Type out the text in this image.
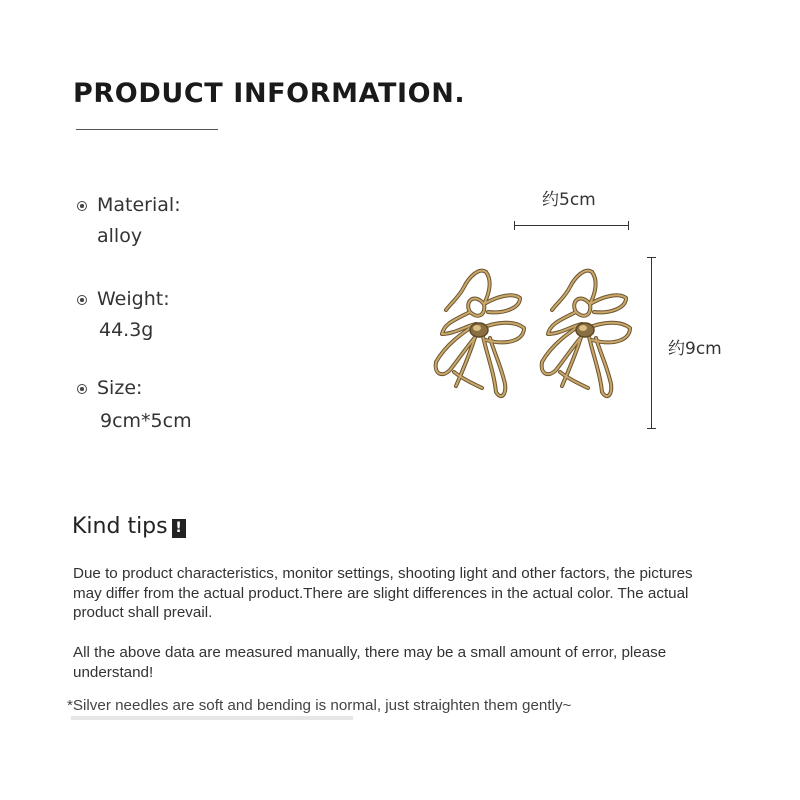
PRODUCT INFORMATION.
Material:
alloy
Weight:
44.3g
Size:
9cm*5cm
约5cm
约9cm
Kind tips !
Due to product characteristics, monitor settings, shooting light and other factors, the pictures may differ from the actual product.There are slight differences in the actual color. The actual product shall prevail.
All the above data are measured manually, there may be a small amount of error, please understand!
*Silver needles are soft and bending is normal, just straighten them gently~
